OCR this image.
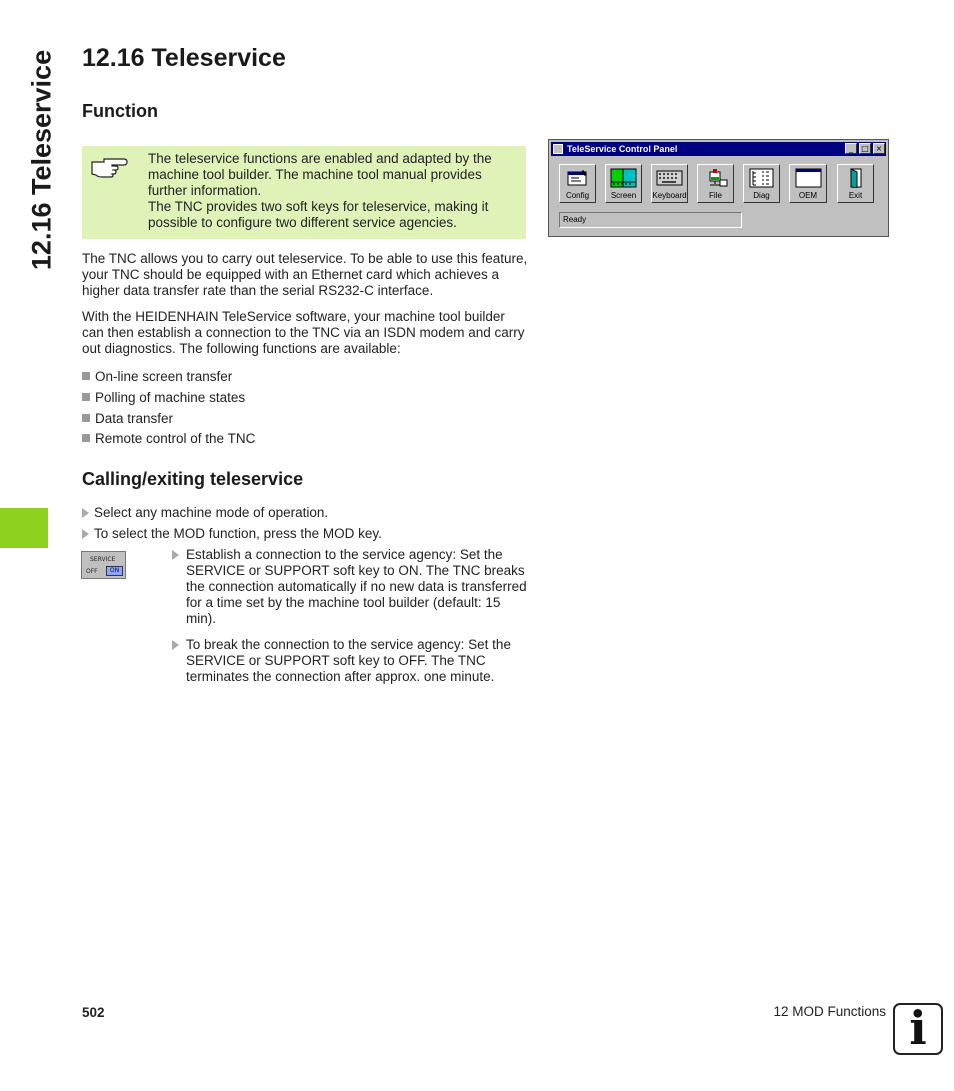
12.16 Teleservice 12.16 Teleservice
Function

The teleservice functions are enabled and adapted by the machine tool builder. The machine tool manual provides further information.
The TNC provides two soft keys for teleservice, making it possible to configure two different service agencies.

The TNC allows you to carry out teleservice. To be able to use this feature, your TNC should be equipped with an Ethernet card which achieves a higher data transfer rate than the serial RS232-C interface.

With the HEIDENHAIN TeleService software, your machine tool builder can then establish a connection to the TNC via an ISDN modem and carry out diagnostics. The following functions are available:

On-line screen transfer
Polling of machine states
Data transfer
Remote control of the TNC
Calling/exiting teleservice
Select any machine mode of operation.
To select the MOD function, press the MOD key.
SERVICE
OFF	ON
Establish a connection to the service agency: Set the SERVICE or SUPPORT soft key to ON. The TNC breaks the connection automatically if no new data is transferred for a time set by the machine tool builder (default: 15 min).
To break the connection to the service agency: Set the SERVICE or SUPPORT soft key to OFF. The TNC terminates the connection after approx. one minute.
TeleService Control Panel	_	□ ×
Config	Screen	Keyboard	File	Diag	OEM	Exit
Ready
502	12 MOD Functions i
